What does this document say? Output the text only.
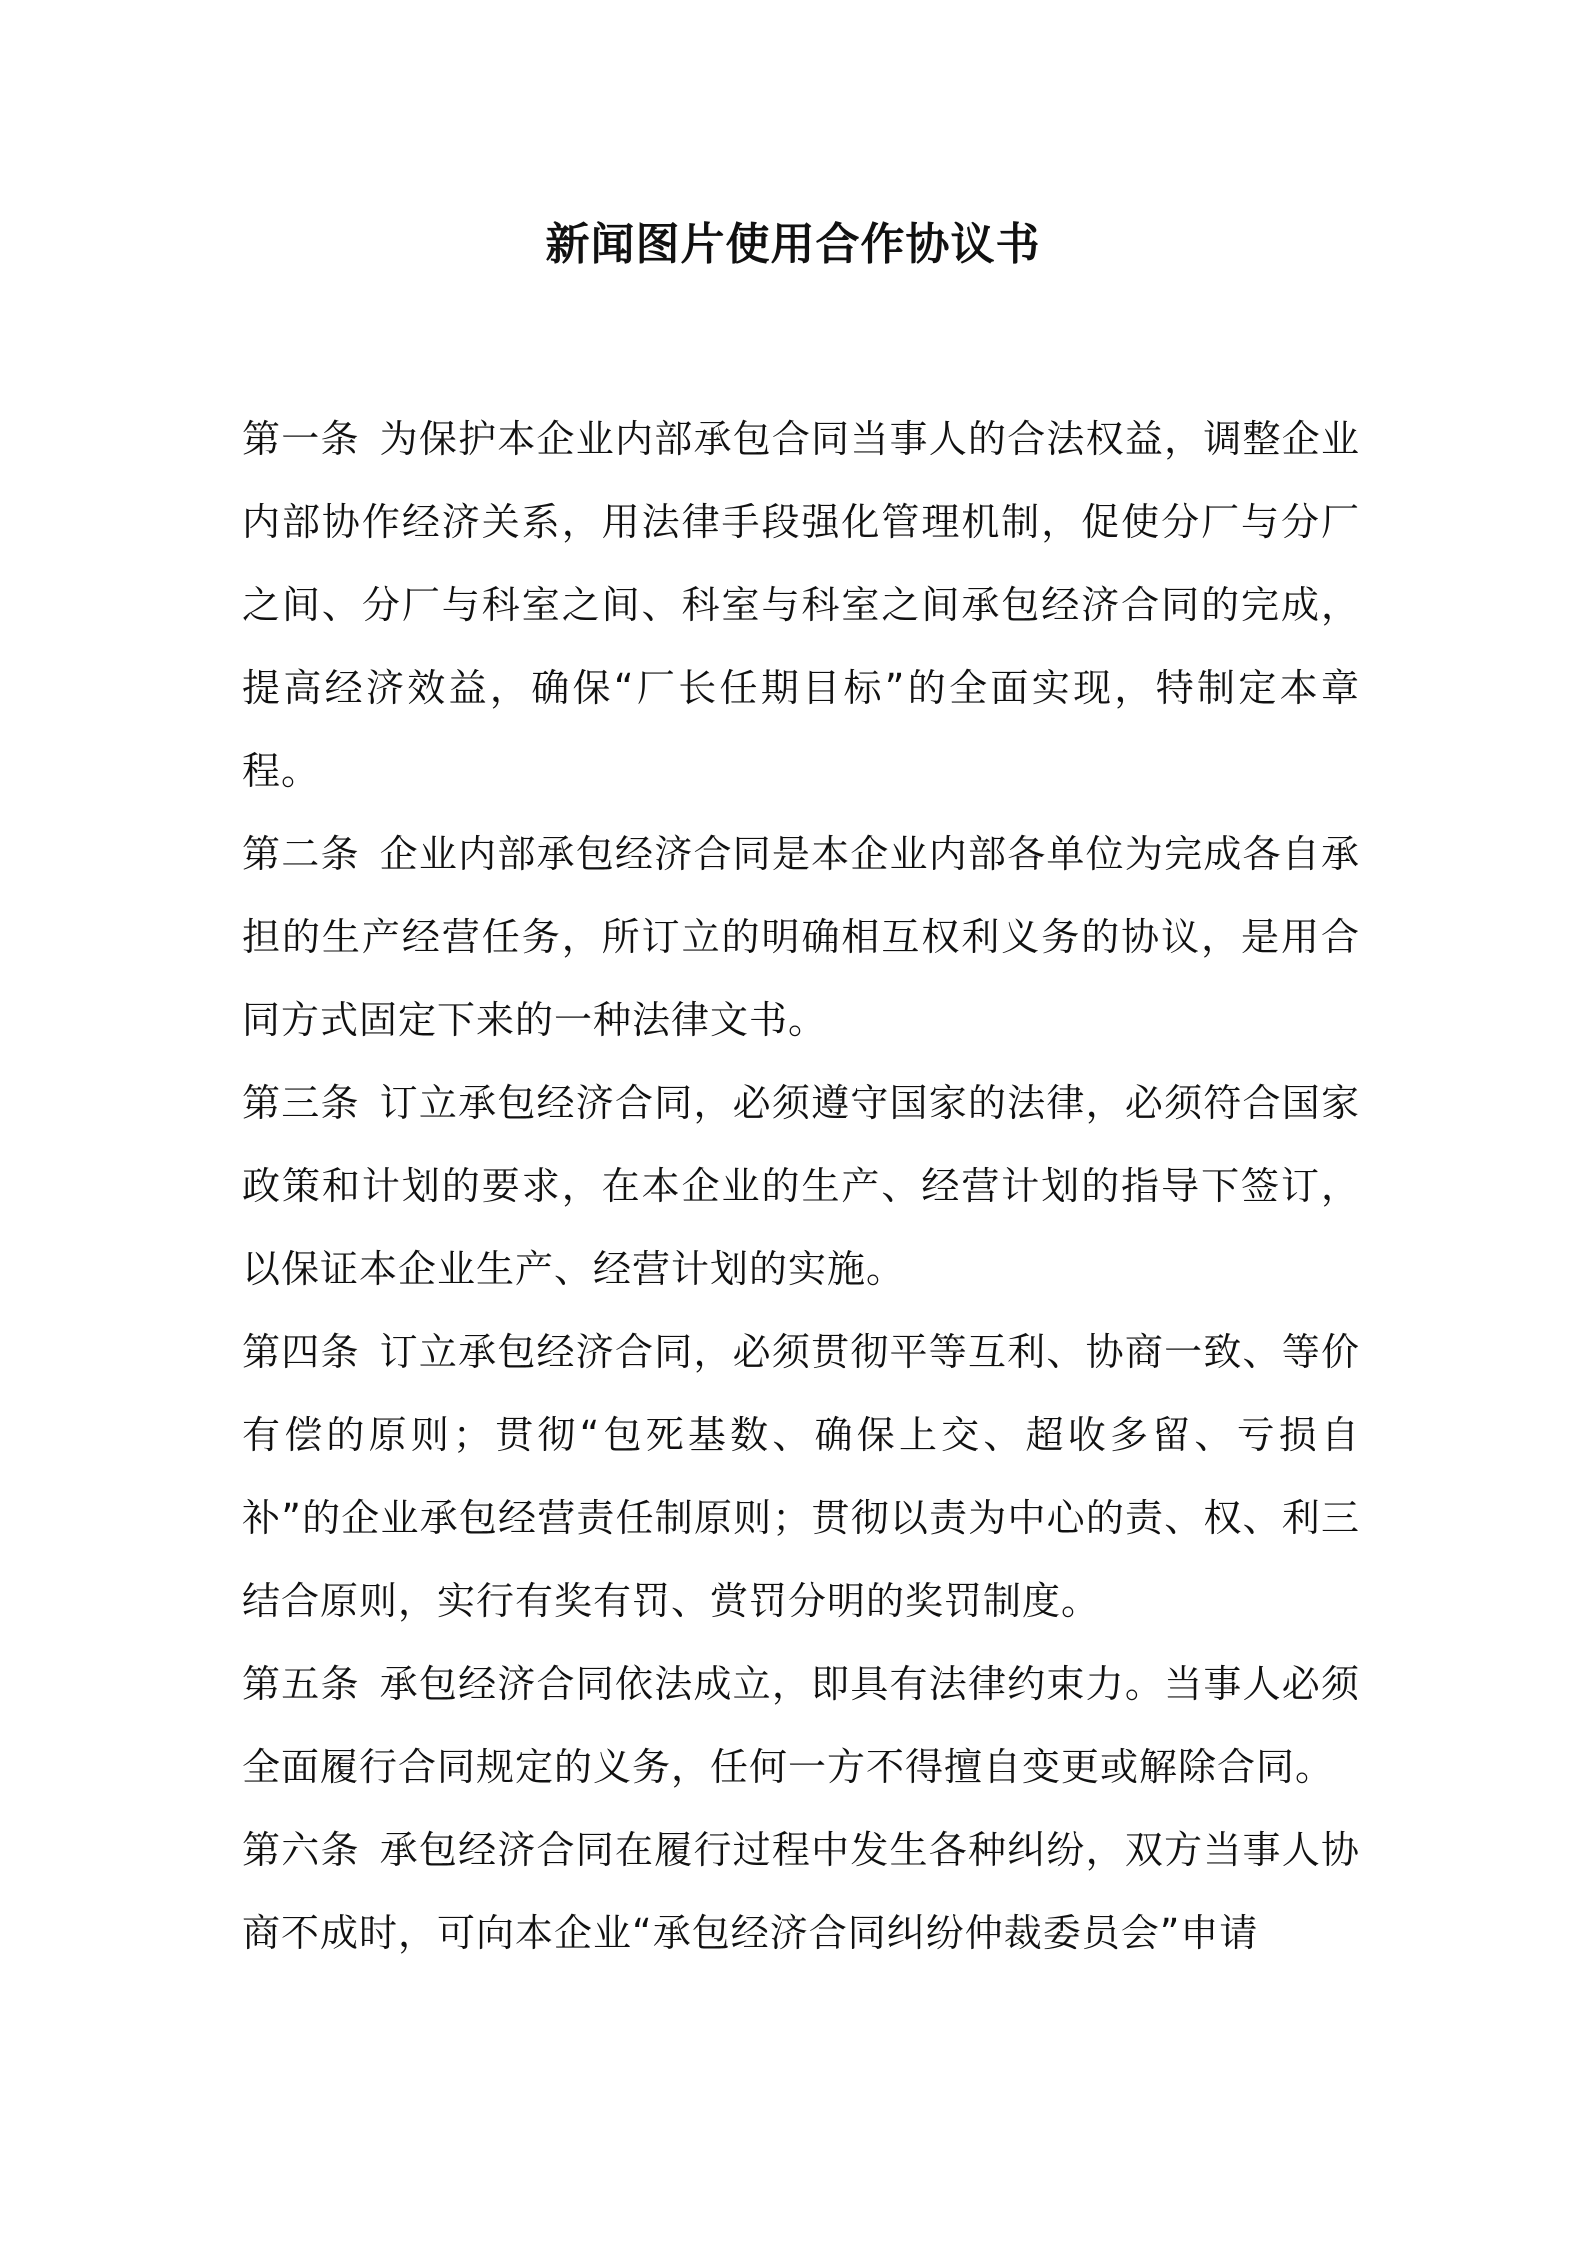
新闻图片使用合作协议书

第一条 为保护本企业内部承包合同当事人的合法权益，调整企业内部协作经济关系，用法律手段强化管理机制，促使分厂与分厂之间、分厂与科室之间、科室与科室之间承包经济合同的完成，提高经济效益，确保“厂长任期目标”的全面实现，特制定本章程。

第二条 企业内部承包经济合同是本企业内部各单位为完成各自承担的生产经营任务，所订立的明确相互权利义务的协议，是用合同方式固定下来的一种法律文书。

第三条 订立承包经济合同，必须遵守国家的法律，必须符合国家政策和计划的要求，在本企业的生产、经营计划的指导下签订，以保证本企业生产、经营计划的实施。

第四条 订立承包经济合同，必须贯彻平等互利、协商一致、等价有偿的原则；贯彻“包死基数、确保上交、超收多留、亏损自补”的企业承包经营责任制原则；贯彻以责为中心的责、权、利三结合原则，实行有奖有罚、赏罚分明的奖罚制度。

第五条 承包经济合同依法成立，即具有法律约束力。当事人必须全面履行合同规定的义务，任何一方不得擅自变更或解除合同。

第六条 承包经济合同在履行过程中发生各种纠纷，双方当事人协商不成时，可向本企业“承包经济合同纠纷仲裁委员会”申请
